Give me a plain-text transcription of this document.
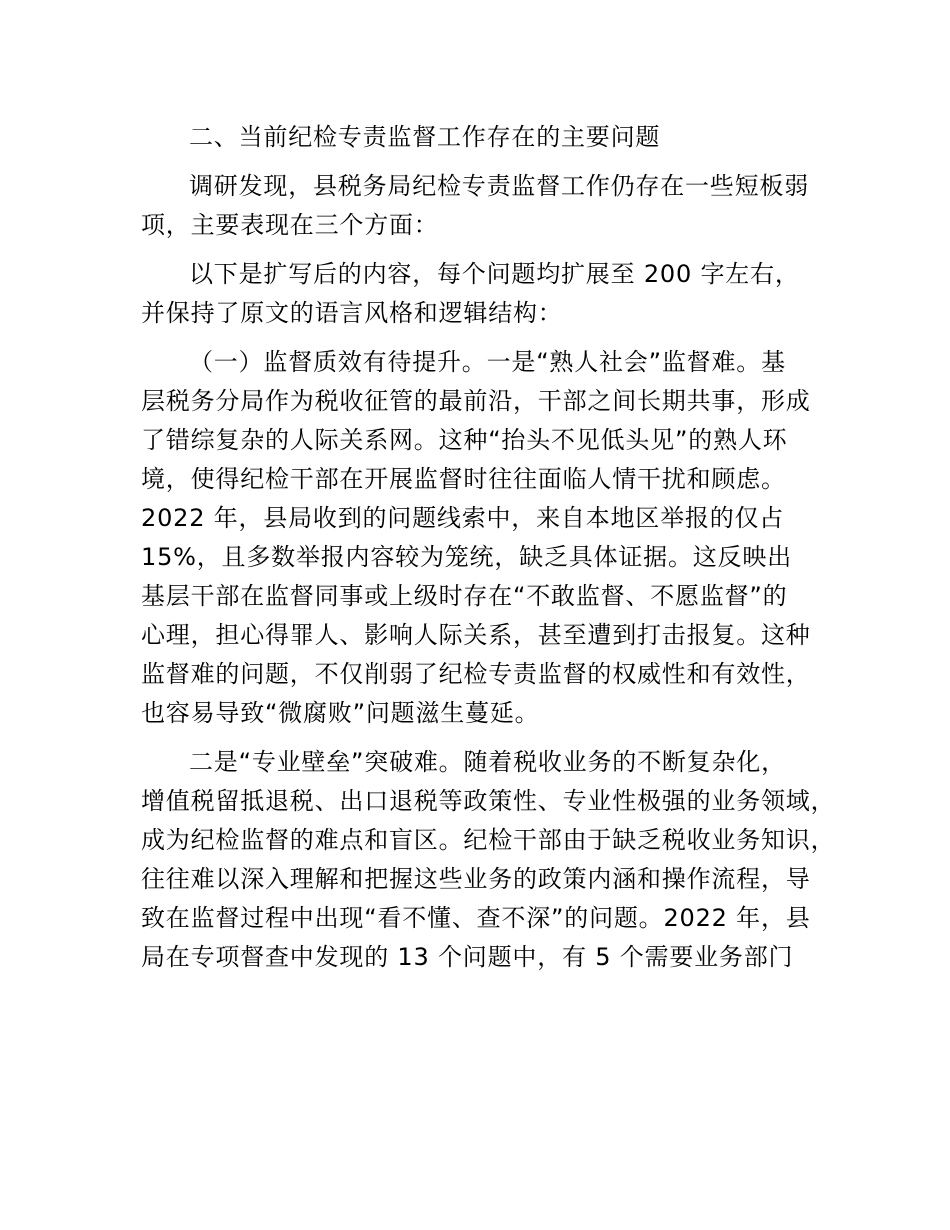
二、当前纪检专责监督工作存在的主要问题
调研发现，县税务局纪检专责监督工作仍存在一些短板弱
项，主要表现在三个方面：
以下是扩写后的内容，每个问题均扩展至 200 字左右，
并保持了原文的语言风格和逻辑结构：
（一）监督质效有待提升。一是“熟人社会”监督难。基
层税务分局作为税收征管的最前沿，干部之间长期共事，形成
了错综复杂的人际关系网。这种“抬头不见低头见”的熟人环
境，使得纪检干部在开展监督时往往面临人情干扰和顾虑。
2022 年，县局收到的问题线索中，来自本地区举报的仅占
15%，且多数举报内容较为笼统，缺乏具体证据。这反映出
基层干部在监督同事或上级时存在“不敢监督、不愿监督”的
心理，担心得罪人、影响人际关系，甚至遭到打击报复。这种
监督难的问题，不仅削弱了纪检专责监督的权威性和有效性，
也容易导致“微腐败”问题滋生蔓延。
二是“专业壁垒”突破难。随着税收业务的不断复杂化，
增值税留抵退税、出口退税等政策性、专业性极强的业务领域，
成为纪检监督的难点和盲区。纪检干部由于缺乏税收业务知识，
往往难以深入理解和把握这些业务的政策内涵和操作流程，导
致在监督过程中出现“看不懂、查不深”的问题。2022 年，县
局在专项督查中发现的 13 个问题中，有 5 个需要业务部门
